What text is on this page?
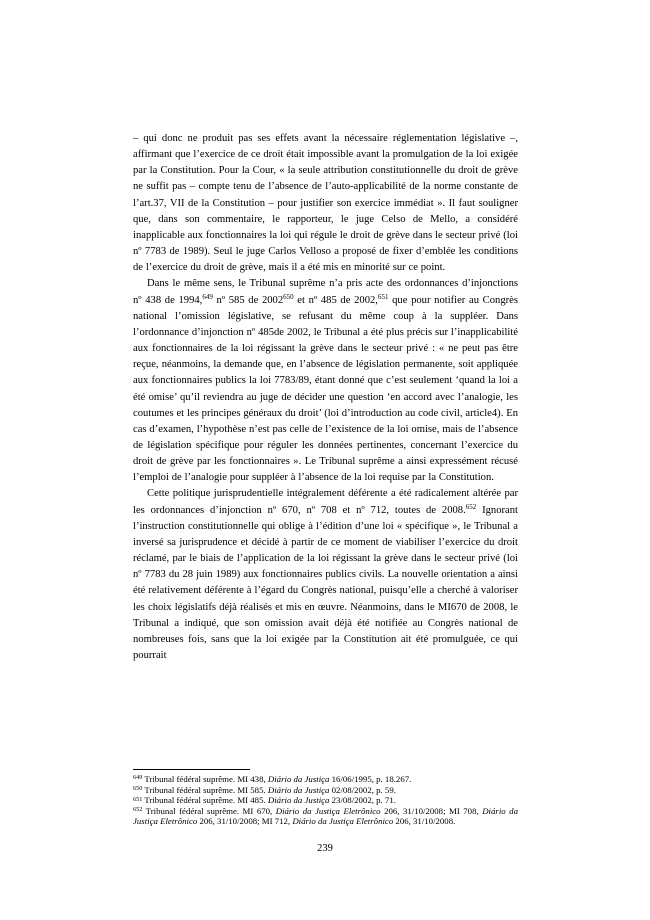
– qui donc ne produit pas ses effets avant la nécessaire réglementation législative –, affirmant que l’exercice de ce droit était impossible avant la promulgation de la loi exigée par la Constitution. Pour la Cour, « la seule attribution constitutionnelle du droit de grève ne suffit pas – compte tenu de l’absence de l’auto-applicabilité de la norme constante de l’art.37, VII de la Constitution – pour justifier son exercice immédiat ». Il faut souligner que, dans son commentaire, le rapporteur, le juge Celso de Mello, a considéré inapplicable aux fonctionnaires la loi qui régule le droit de grève dans le secteur privé (loi nº 7783 de 1989). Seul le juge Carlos Velloso a proposé de fixer d’emblée les conditions de l’exercice du droit de grève, mais il a été mis en minorité sur ce point.

Dans le même sens, le Tribunal suprême n’a pris acte des ordonnances d’injonctions nº 438 de 1994,$^{649}$ nº 585 de 2002$^{650}$ et nº 485 de 2002,$^{651}$ que pour notifier au Congrès national l’omission législative, se refusant du même coup à la suppléer. Dans l’ordonnance d’injonction nº 485de 2002, le Tribunal a été plus précis sur l’inapplicabilité aux fonctionnaires de la loi régissant la grève dans le secteur privé : « ne peut pas être reçue, néanmoins, la demande que, en l’absence de législation permanente, soit appliquée aux fonctionnaires publics la loi 7783/89, étant donné que c’est seulement ‘quand la loi a été omise’ qu’il reviendra au juge de décider une question ‘en accord avec l’analogie, les coutumes et les principes généraux du droit’ (loi d’introduction au code civil, article4). En cas d’examen, l’hypothèse n’est pas celle de l’existence de la loi omise, mais de l’absence de législation spécifique pour réguler les données pertinentes, concernant l’exercice du droit de grève par les fonctionnaires ». Le Tribunal suprême a ainsi expressément récusé l’emploi de l’analogie pour suppléer à l’absence de la loi requise par la Constitution.

Cette politique jurisprudentielle intégralement déférente a été radicalement altérée par les ordonnances d’injonction nº 670, nº 708 et nº 712, toutes de 2008.$^{652}$ Ignorant l’instruction constitutionnelle qui oblige à l’édition d’une loi « spécifique », le Tribunal a inversé sa jurisprudence et décidé à partir de ce moment de viabiliser l’exercice du droit réclamé, par le biais de l’application de la loi régissant la grève dans le secteur privé (loi nº 7783 du 28 juin 1989) aux fonctionnaires publics civils. La nouvelle orientation a ainsi été relativement déférente à l’égard du Congrès national, puisqu’elle a cherché à valoriser les choix législatifs déjà réalisés et mis en œuvre. Néanmoins, dans le MI670 de 2008, le Tribunal a indiqué, que son omission avait déjà été notifiée au Congrès national de nombreuses fois, sans que la loi exigée par la Constitution ait été promulguée, ce qui pourrait

$^{649}$ Tribunal fédéral suprême. MI 438, Diário da Justiça 16/06/1995, p. 18.267.

$^{650}$ Tribunal fédéral suprême. MI 585. Diário da Justiça 02/08/2002, p. 59.

$^{651}$ Tribunal fédéral suprême. MI 485. Diário da Justiça 23/08/2002, p. 71.

$^{652}$ Tribunal fédéral suprême. MI 670, Diário da Justiça Eletrônico 206, 31/10/2008; MI 708, Diário da Justiça Eletrônico 206, 31/10/2008; MI 712, Diário da Justiça Eletrônico 206, 31/10/2008.

239
